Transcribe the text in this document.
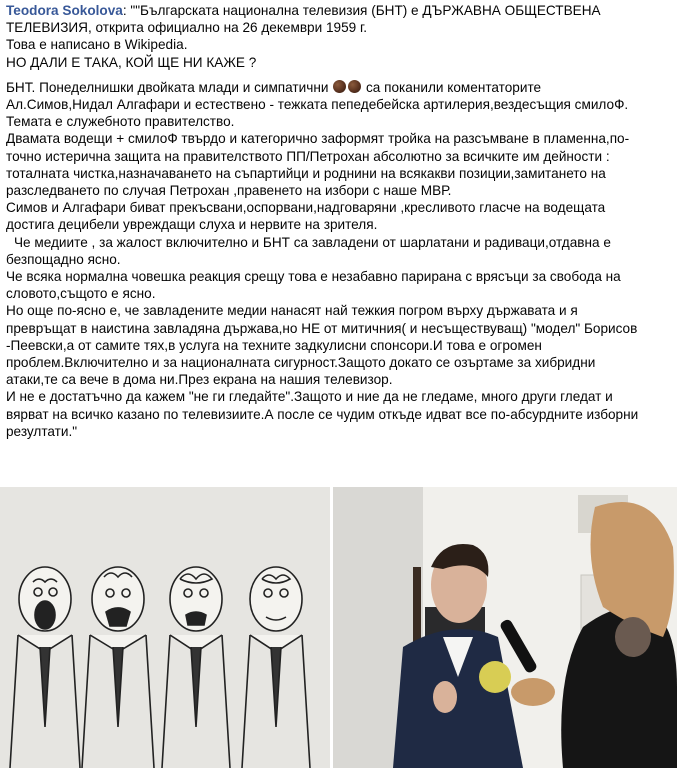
Teodora Sokolova: ""Българската национална телевизия (БНТ) е ДЪРЖАВНА ОБЩЕСТВЕНА

ТЕЛЕВИЗИЯ, открита официално на 26 декември 1959 г.

Това е написано в Wikipedia.

НО ДАЛИ Е ТАКА, КОЙ ЩЕ НИ КАЖЕ ?

БНТ. Понеделнишки двойката млади и симпатични	са поканили коментаторите

Ал.Симов,Нидал Алгафари и естествено - тежката пепедебейска артилерия,вездесъщия смилоФ.

Темата е служебното правителство.

Двамата водещи + смилоФ твърдо и категорично заформят тройка на разсъмване в пламенна,по-

точно истерична защита на правителството ПП/Петрохан абсолютно за всичките им дейности :

тоталната чистка,назначаването на съпартийци и роднини на всякакви позиции,замитането на

разследването по случая Петрохан ,правенето на избори с наше МВР.

Симов и Алгафари биват прекъсвани,оспорвани,надговаряни ,кресливото гласче на водещата

достига децибели увреждащи слуха и нервите на зрителя.

Че медиите , за жалост включително и БНТ са завладени от шарлатани и радиваци,отдавна е

безпощадно ясно.

Че всяка нормална човешка реакция срещу това е незабавно парирана с врясъци за свобода на

словото,същото е ясно.

Но още по-ясно е, че завладените медии нанасят най тежкия погром върху държавата и я

превръщат в наистина завладяна държава,но НЕ от митичния( и несъществуващ) "модел" Борисов

-Пеевски,а от самите тях,в услуга на техните задкулисни спонсори.И това е огромен

проблем.Включително и за националната сигурност.Защото докато се озъртаме за хибридни

атаки,те са вече в дома ни.През екрана на нашия телевизор.

И не е достатъчно да кажем "не ги гледайте".Защото и ние да не гледаме, много други гледат и

вярват на всичко казано по телевизиите.А после се чудим откъде идват все по-абсурдните изборни

резултати."
